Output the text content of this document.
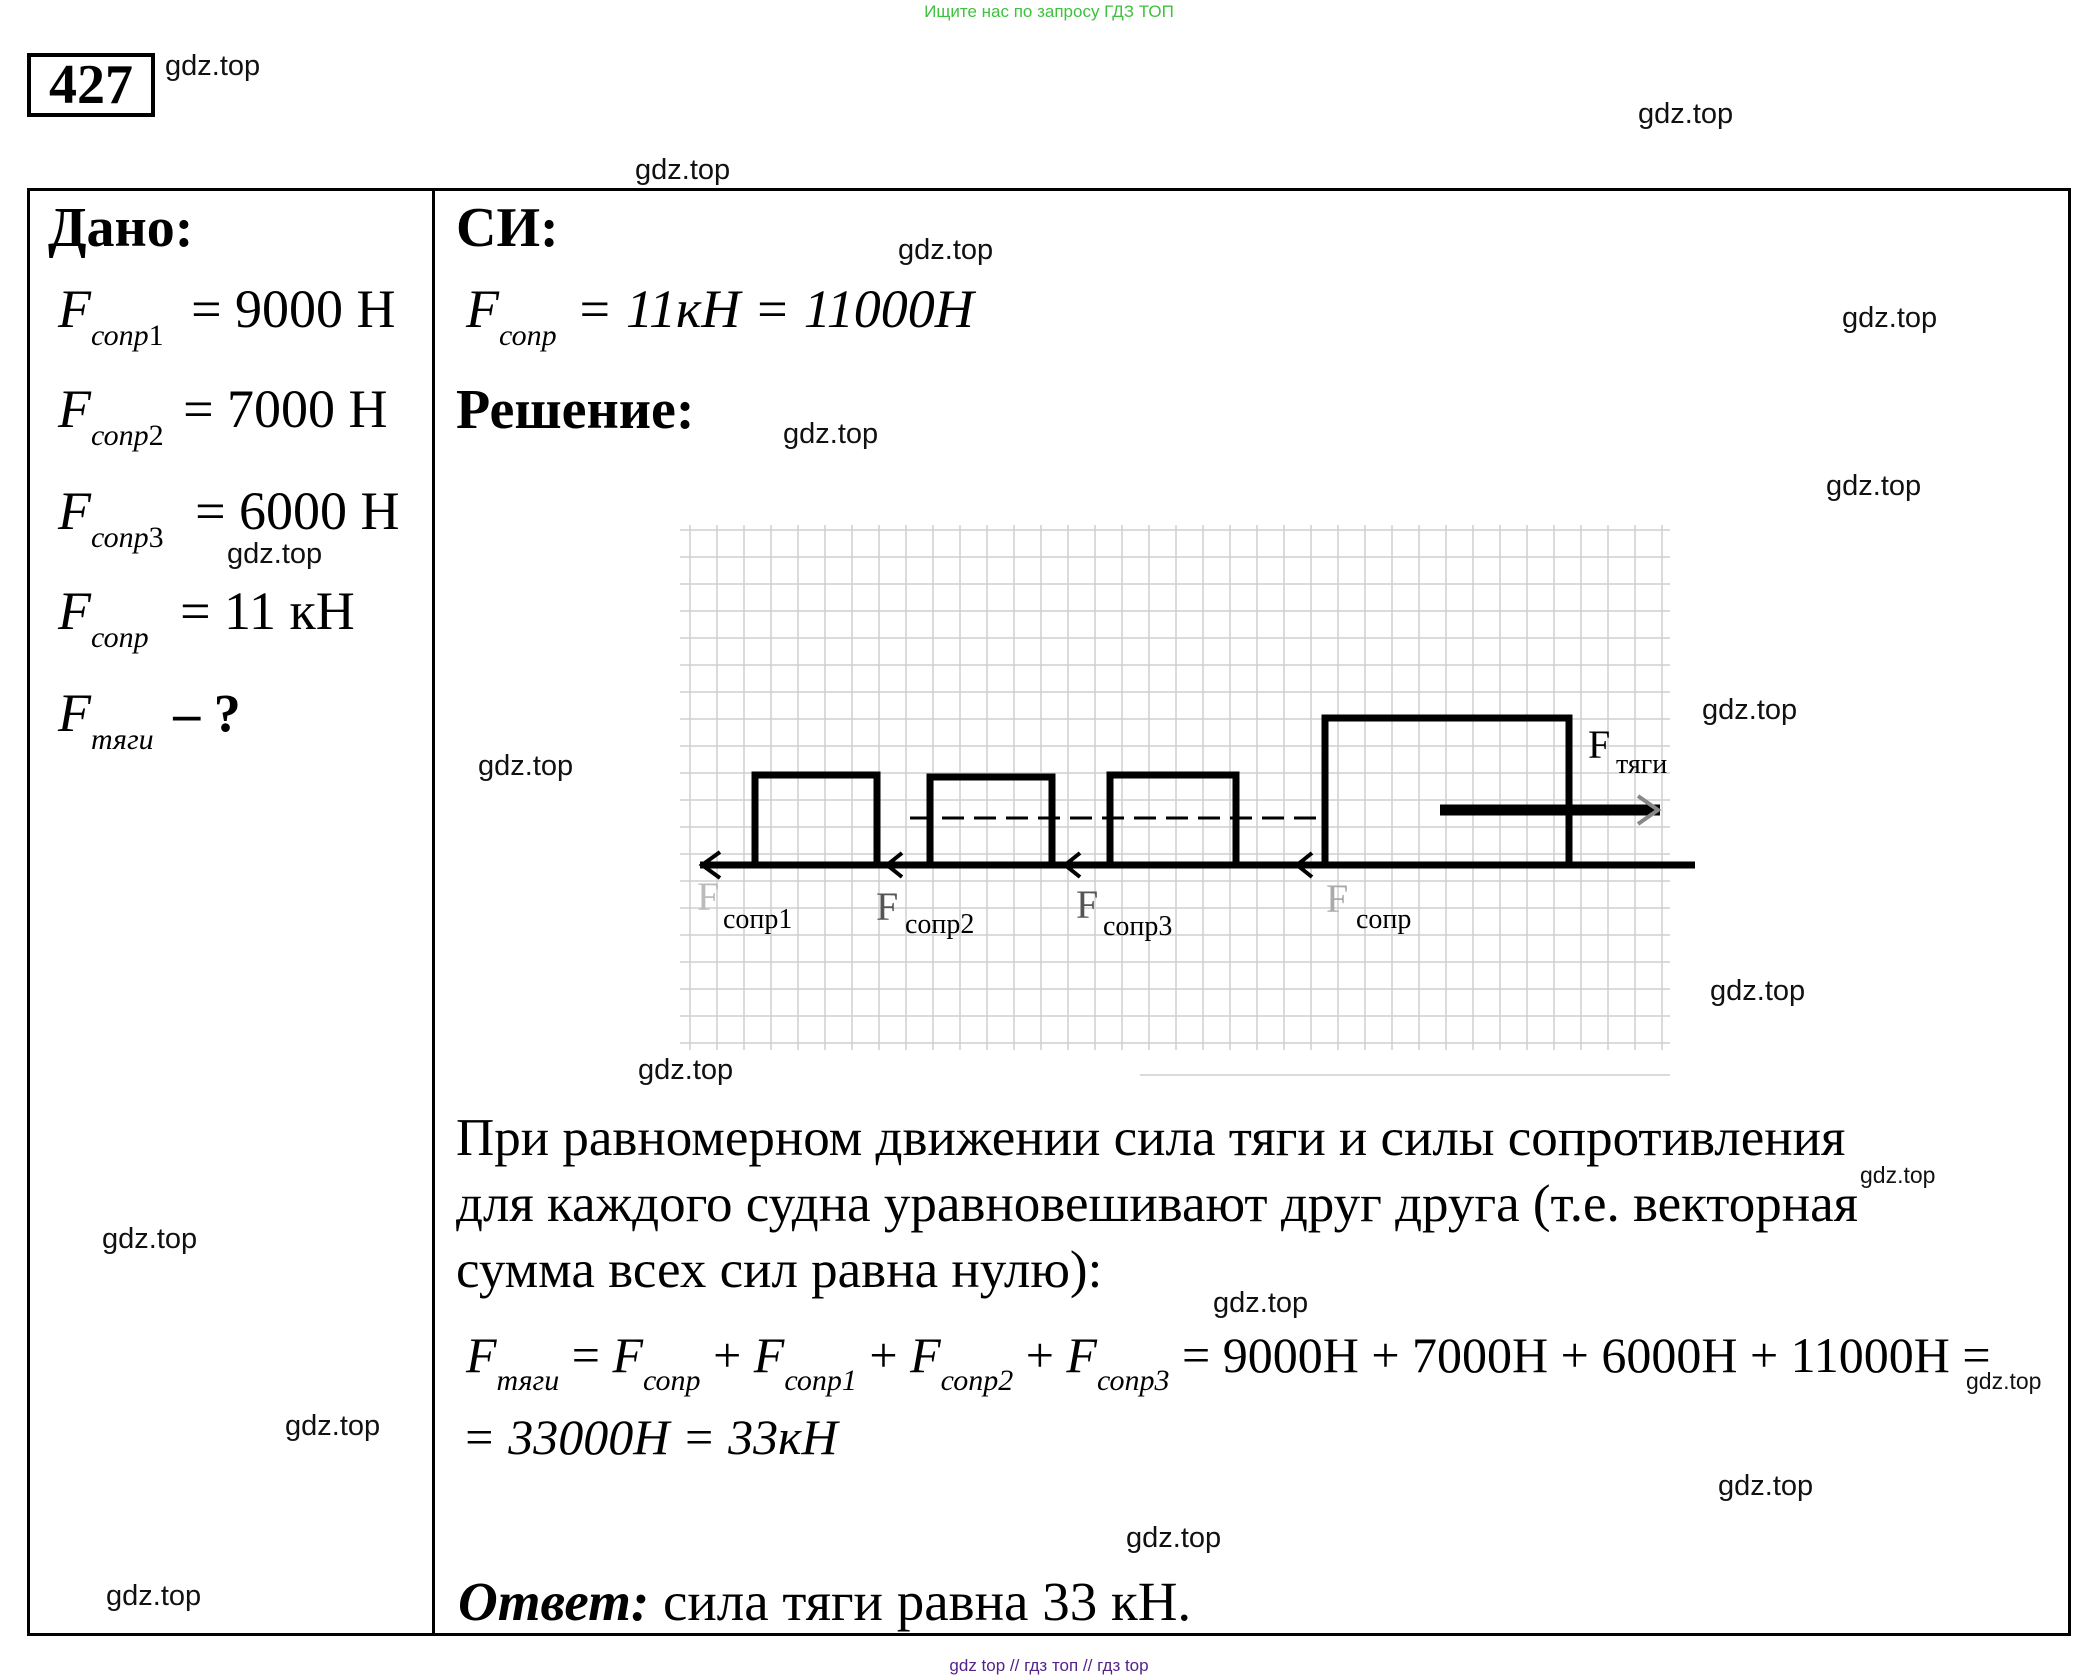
Ищите нас по запросу ГДЗ ТОП
427	gdz.top
gdz.top
gdz.top
gdz.top
gdz.top
gdz.top
gdz.top
gdz.top
gdz.top
gdz.top
gdz.top
gdz.top
gdz.top
gdz.top
gdz.top
gdz.top
gdz.top
gdz.top
gdz.top
gdz.top
Дано:
$F_{сопр1} = 9000$ Н
$F_{сопр2} = 7000$ Н
$F_{сопр3} = 6000$ Н
$F_{сопр} = 11$ кН
$F_{тяги}$ – ?
СИ:
$F_{сопр} = 11кН = 11000Н$
Решение:
F тяги
F
сопр1 F сопр2	F сопр3
F сопр
При равномерном движении сила тяги и силы сопротивления
для каждого судна уравновешивают друг друга (т.е. векторная
сумма всех сил равна нулю):
$F_{тяги} = F_{сопр} + F_{сопр1} + F_{сопр2} + F_{сопр3} = 9000Н + 7000Н + 6000Н + 11000Н$ =
= 33000Н = 33кН
Ответ: сила тяги равна 33 кН.
gdz top // гдз топ // гдз top
